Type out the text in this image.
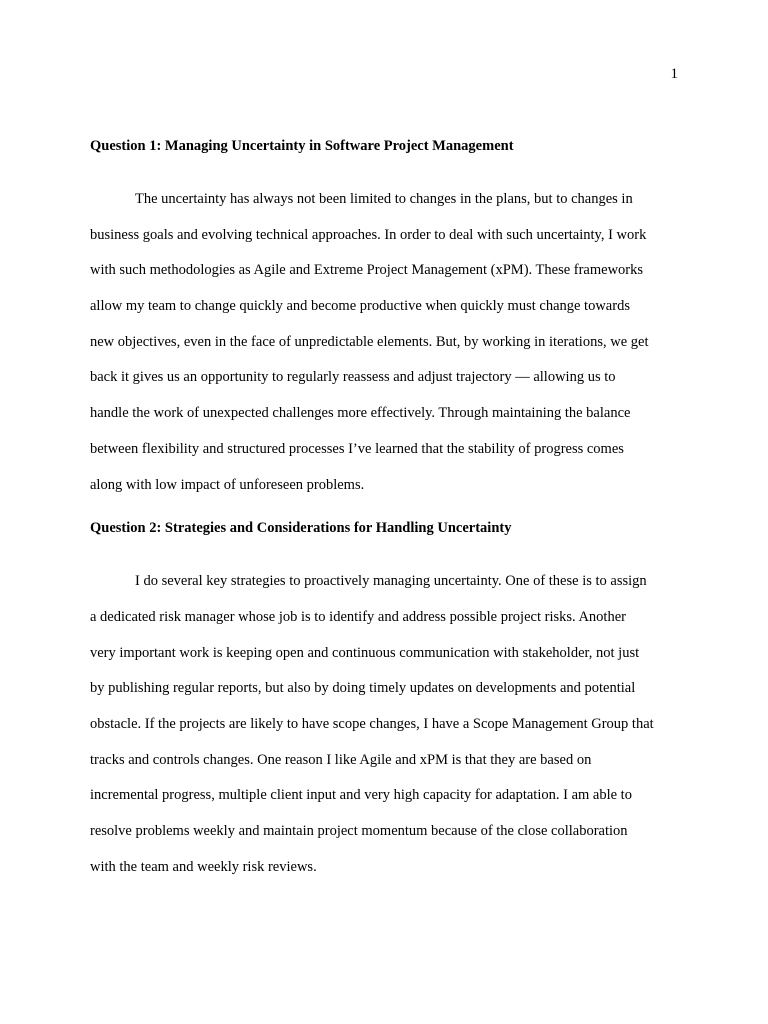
1
Question 1: Managing Uncertainty in Software Project Management

The uncertainty has always not been limited to changes in the plans, but to changes in
business goals and evolving technical approaches. In order to deal with such uncertainty, I work
with such methodologies as Agile and Extreme Project Management (xPM). These frameworks
allow my team to change quickly and become productive when quickly must change towards
new objectives, even in the face of unpredictable elements. But, by working in iterations, we get
back it gives us an opportunity to regularly reassess and adjust trajectory — allowing us to
handle the work of unexpected challenges more effectively. Through maintaining the balance
between flexibility and structured processes I’ve learned that the stability of progress comes
along with low impact of unforeseen problems.

Question 2: Strategies and Considerations for Handling Uncertainty

I do several key strategies to proactively managing uncertainty. One of these is to assign
a dedicated risk manager whose job is to identify and address possible project risks. Another
very important work is keeping open and continuous communication with stakeholder, not just
by publishing regular reports, but also by doing timely updates on developments and potential
obstacle. If the projects are likely to have scope changes, I have a Scope Management Group that
tracks and controls changes. One reason I like Agile and xPM is that they are based on
incremental progress, multiple client input and very high capacity for adaptation. I am able to
resolve problems weekly and maintain project momentum because of the close collaboration
with the team and weekly risk reviews.
